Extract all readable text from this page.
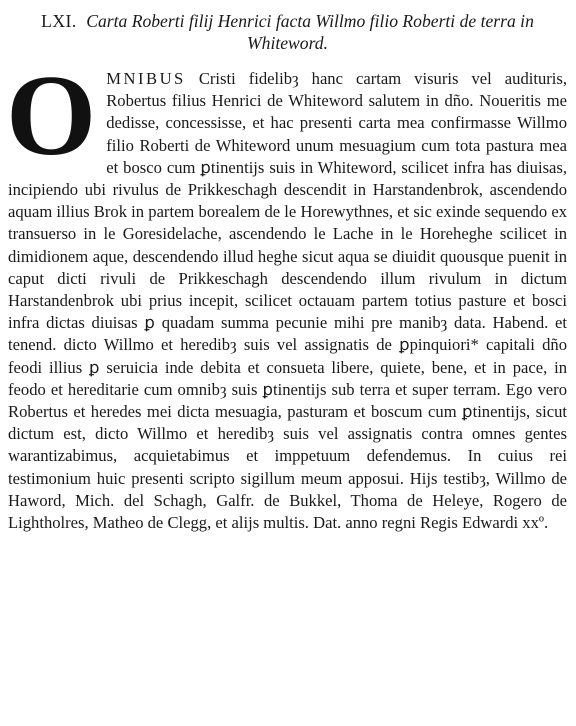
LXI. Carta Roberti filij Henrici facta Willmo filio Roberti de terra in Whiteword.

O MNIBUS Cristi fidelibȝ hanc cartam visuris vel audituris, Robertus filius Henrici de Whiteword salutem in dño. Noueritis me dedisse, concessisse, et hac presenti carta mea confirmasse Willmo filio Roberti de Whiteword unum mesuagium cum tota pastura mea et bosco cum ꝑtinentijs suis in Whiteword, scilicet infra has diuisas, incipiendo ubi rivulus de Prikkeschagh descendit in Harstandenbrok, ascendendo aquam illius Brok in partem borealem de le Horewythnes, et sic exinde sequendo ex transuerso in le Goresidelache, ascendendo le Lache in le Horeheghe scilicet in dimidionem aque, descendendo illud heghe sicut aqua se diuidit quousque puenit in caput dicti rivuli de Prikkeschagh descendendo illum rivulum in dictum Harstandenbrok ubi prius incepit, scilicet octauam partem totius pasture et bosci infra dictas diuisas ꝑ quadam summa pecunie mihi pre manibȝ data. Habend. et tenend. dicto Willmo et heredibȝ suis vel assignatis de ꝑpinquiori* capitali dño feodi illius ꝑ seruicia inde debita et consueta libere, quiete, bene, et in pace, in feodo et hereditarie cum omnibȝ suis ꝑtinentijs sub terra et super terram. Ego vero Robertus et heredes mei dicta mesuagia, pasturam et boscum cum ꝑtinentijs, sicut dictum est, dicto Willmo et heredibȝ suis vel assignatis contra omnes gentes warantizabimus, acquietabimus et imppetuum defendemus. In cuius rei testimonium huic presenti scripto sigillum meum apposui. Hijs testibȝ, Willmo de Haword, Mich. del Schagh, Galfr. de Bukkel, Thoma de Heleye, Rogero de Lightholres, Matheo de Clegg, et alijs multis. Dat. anno regni Regis Edwardi xxº.
